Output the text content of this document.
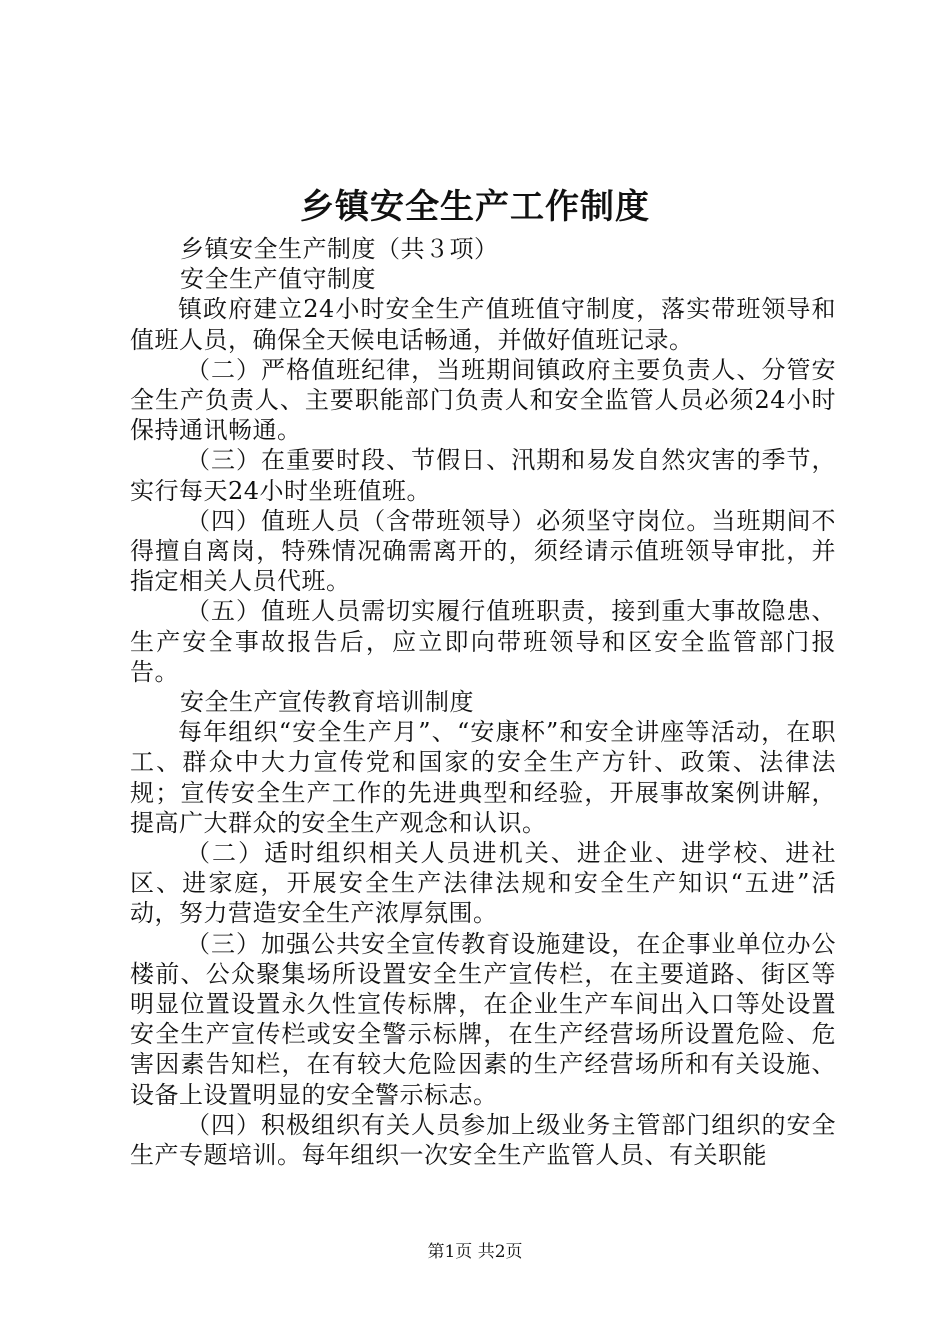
乡镇安全生产工作制度

乡镇安全生产制度（共３项）

安全生产值守制度

镇政府建立24小时安全生产值班值守制度，落实带班领导和值班人员，确保全天候电话畅通，并做好值班记录。

（二）严格值班纪律，当班期间镇政府主要负责人、分管安全生产负责人、主要职能部门负责人和安全监管人员必须24小时保持通讯畅通。

（三）在重要时段、节假日、汛期和易发自然灾害的季节，实行每天24小时坐班值班。

（四）值班人员（含带班领导）必须坚守岗位。当班期间不得擅自离岗，特殊情况确需离开的，须经请示值班领导审批，并指定相关人员代班。

（五）值班人员需切实履行值班职责，接到重大事故隐患、生产安全事故报告后，应立即向带班领导和区安全监管部门报告。

安全生产宣传教育培训制度

每年组织“安全生产月”、“安康杯”和安全讲座等活动，在职工、群众中大力宣传党和国家的安全生产方针、政策、法律法规；宣传安全生产工作的先进典型和经验，开展事故案例讲解，提高广大群众的安全生产观念和认识。

（二）适时组织相关人员进机关、进企业、进学校、进社区、进家庭，开展安全生产法律法规和安全生产知识“五进”活动，努力营造安全生产浓厚氛围。

（三）加强公共安全宣传教育设施建设，在企事业单位办公楼前、公众聚集场所设置安全生产宣传栏，在主要道路、街区等明显位置设置永久性宣传标牌，在企业生产车间出入口等处设置安全生产宣传栏或安全警示标牌，在生产经营场所设置危险、危害因素告知栏，在有较大危险因素的生产经营场所和有关设施、设备上设置明显的安全警示标志。

（四）积极组织有关人员参加上级业务主管部门组织的安全生产专题培训。每年组织一次安全生产监管人员、有关职能

第1页 共2页
